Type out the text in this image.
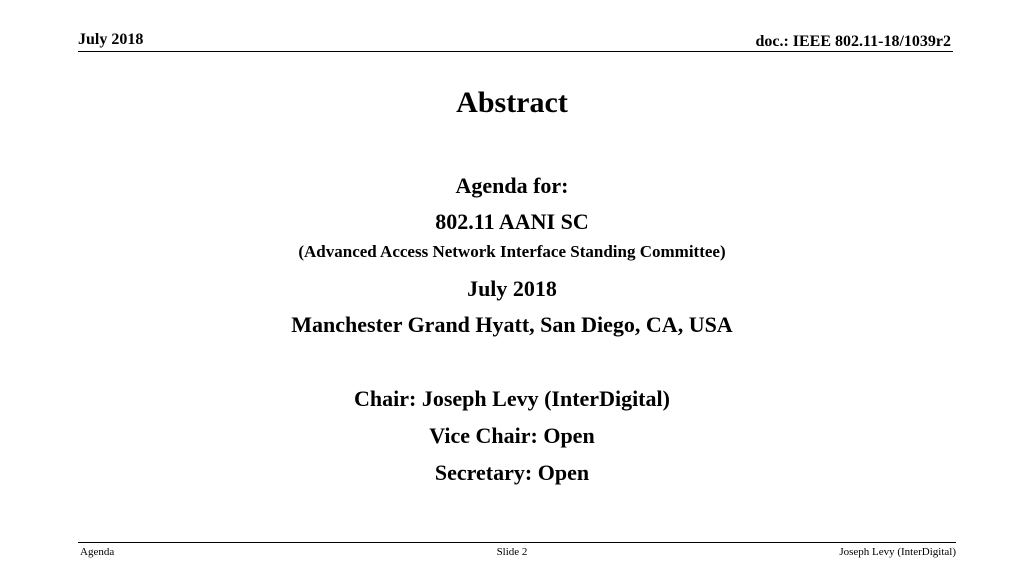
July 2018	doc.: IEEE 802.11-18/1039r2
Abstract
Agenda for:
802.11 AANI SC
(Advanced Access Network Interface Standing Committee)
July 2018
Manchester Grand Hyatt, San Diego, CA, USA
Chair: Joseph Levy (InterDigital)
Vice Chair: Open
Secretary: Open
Agenda	Slide 2	Joseph Levy (InterDigital)
